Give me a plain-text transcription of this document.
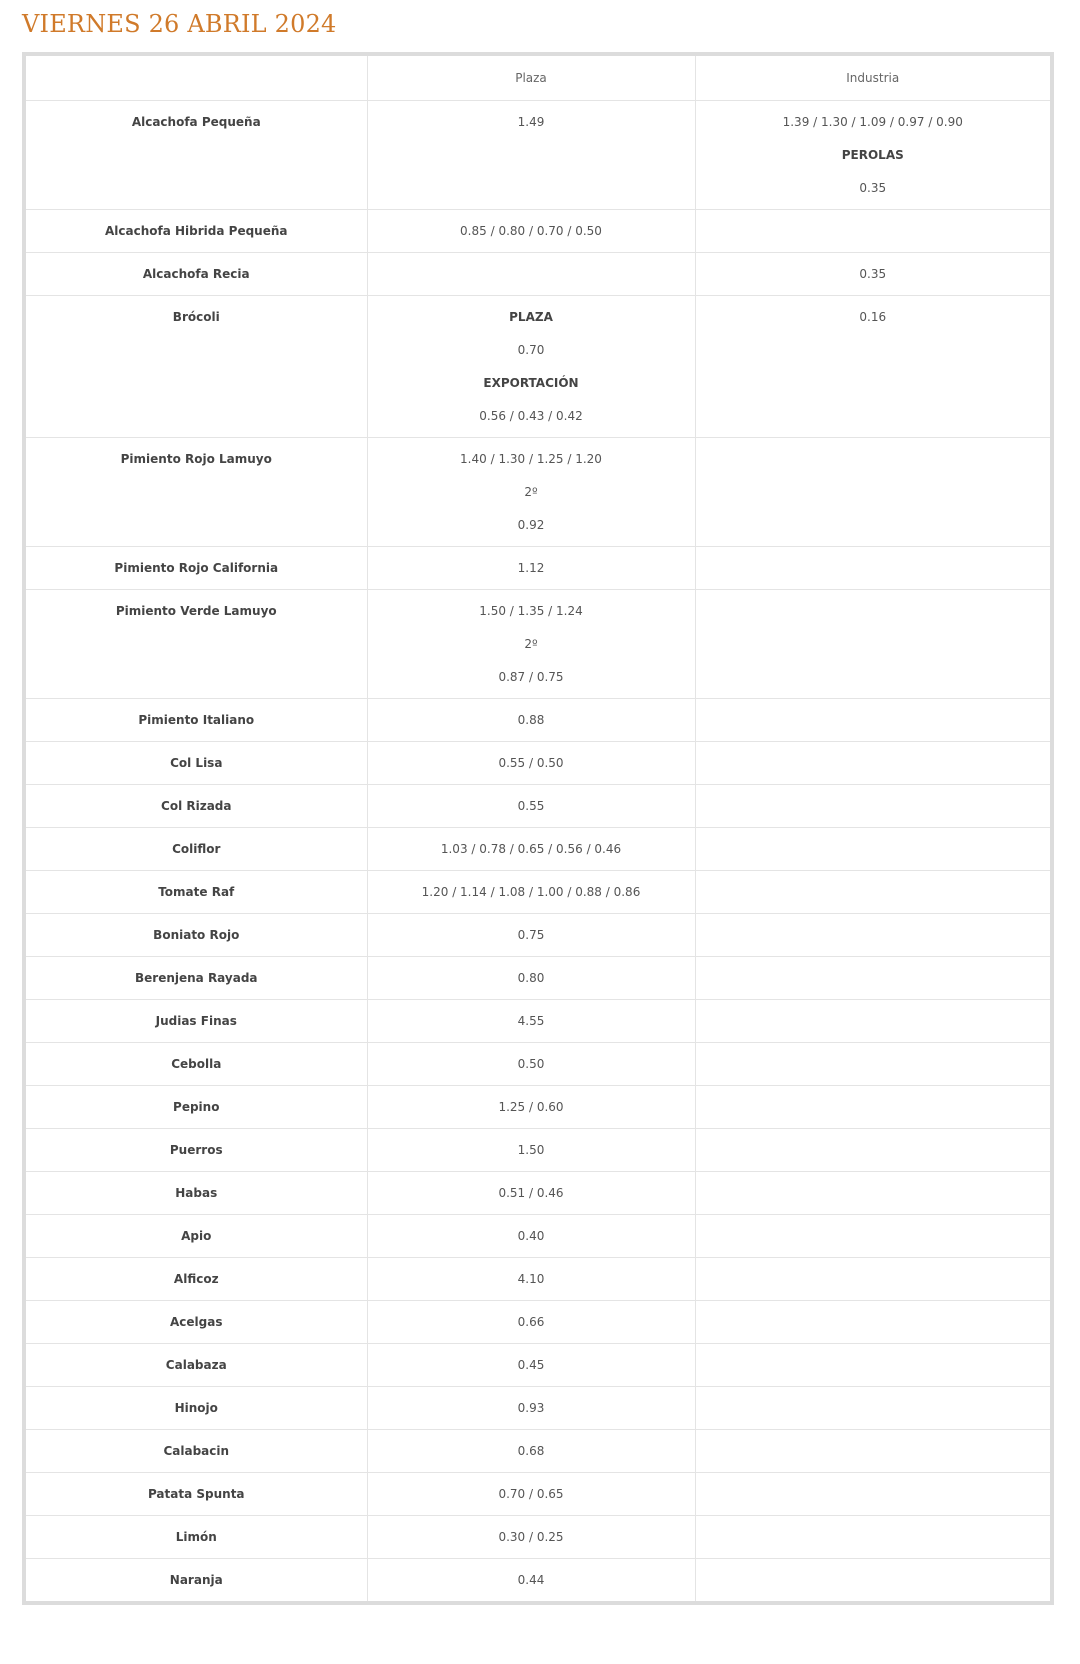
VIERNES 26 ABRIL 2024
	Plaza	Industria

Alcachofa Pequeña	1.49	1.39 / 1.30 / 1.09 / 0.97 / 0.90
PEROLAS
0.35

Alcachofa Hibrida Pequeña	0.85 / 0.80 / 0.70 / 0.50	

Alcachofa Recia		0.35

Brócoli	PLAZA
0.70
EXPORTACIÓN
0.56 / 0.43 / 0.42	0.16

Pimiento Rojo Lamuyo	1.40 / 1.30 / 1.25 / 1.20
2º
0.92	

Pimiento Rojo California	1.12	

Pimiento Verde Lamuyo	1.50 / 1.35 / 1.24
2º
0.87 / 0.75	

Pimiento Italiano	0.88	

Col Lisa	0.55 / 0.50	

Col Rizada	0.55	

Coliflor	1.03 / 0.78 / 0.65 / 0.56 / 0.46	

Tomate Raf	1.20 / 1.14 / 1.08 / 1.00 / 0.88 / 0.86	

Boniato Rojo	0.75	

Berenjena Rayada	0.80	

Judias Finas	4.55	

Cebolla	0.50	

Pepino	1.25 / 0.60	

Puerros	1.50	

Habas	0.51 / 0.46	

Apio	0.40	

Alficoz	4.10	

Acelgas	0.66	

Calabaza	0.45	

Hinojo	0.93	

Calabacin	0.68	

Patata Spunta	0.70 / 0.65	

Limón	0.30 / 0.25	

Naranja	0.44	
